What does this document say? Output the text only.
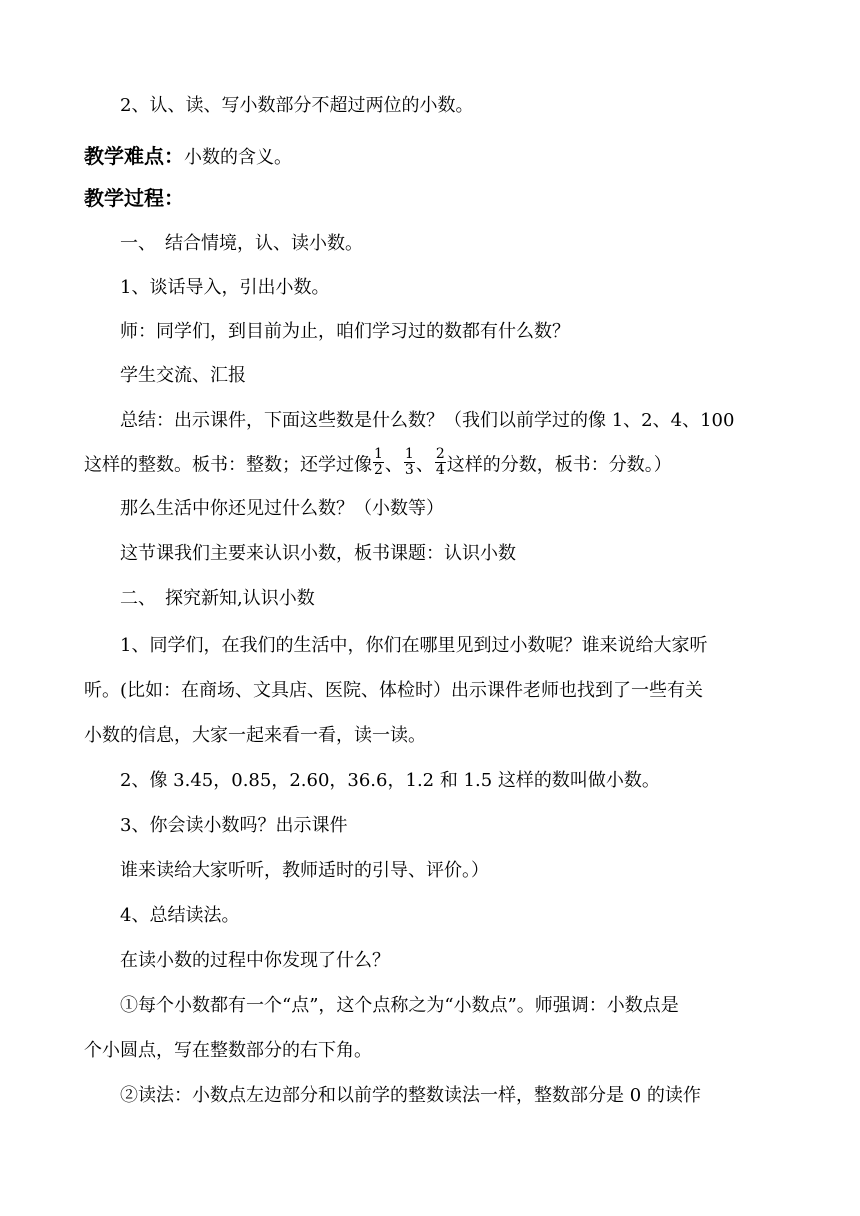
2、认、读、写小数部分不超过两位的小数。
教学难点：小数的含义。
教学过程：
一、　结合情境，认、读小数。
1、谈话导入，引出小数。
师：同学们，到目前为止，咱们学习过的数都有什么数？
学生交流、汇报
总结：出示课件，下面这些数是什么数？（我们以前学过的像 1、2、4、100
这样的整数。板书：整数；还学过像 $\frac{1}{2}$ 、 $\frac{1}{3}$ 、 $\frac{2}{4}$ 这样的分数，板书：分数。）
那么生活中你还见过什么数？（小数等）
这节课我们主要来认识小数，板书课题：认识小数
二、　探究新知,认识小数
1、同学们，在我们的生活中，你们在哪里见到过小数呢？谁来说给大家听
听。(比如：在商场、文具店、医院、体检时）出示课件老师也找到了一些有关
小数的信息，大家一起来看一看，读一读。
2、像 3.45，0.85，2.60，36.6，1.2 和 1.5 这样的数叫做小数。
3、你会读小数吗？出示课件
谁来读给大家听听，教师适时的引导、评价。）
4、总结读法。
在读小数的过程中你发现了什么？
①每个小数都有一个“点”，这个点称之为“小数点”。师强调：小数点是
个小圆点，写在整数部分的右下角。
②读法：小数点左边部分和以前学的整数读法一样，整数部分是 0 的读作
